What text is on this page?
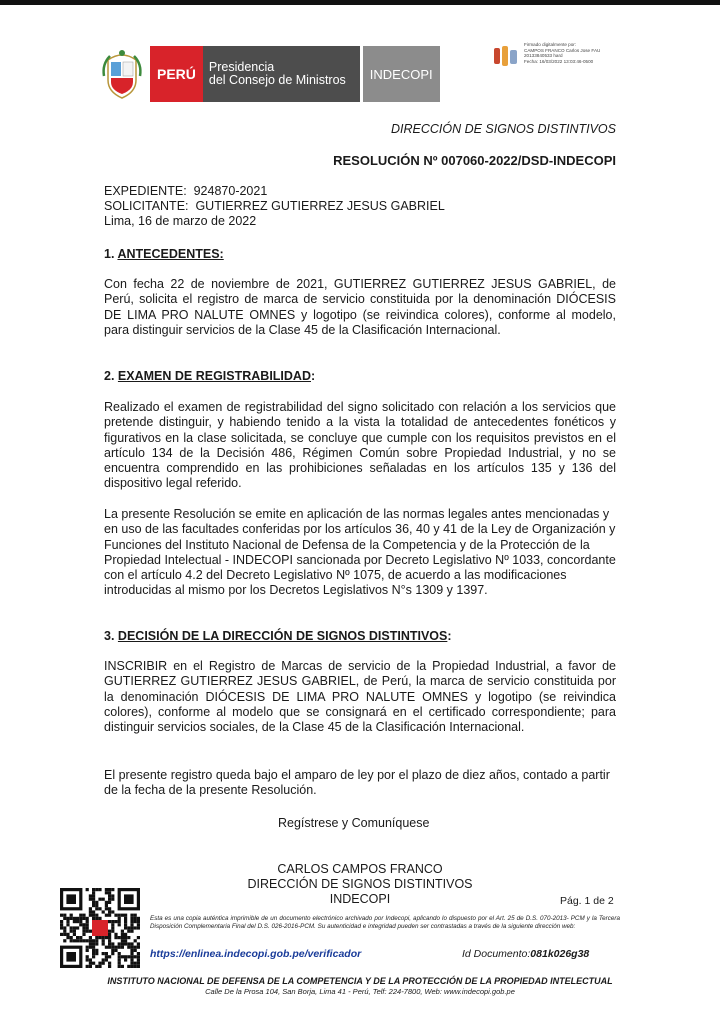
PERÚ	Presidencia
del Consejo de Ministros	INDECOPI
Firmado digitalmente por:
CAMPOS FRANCO Carlos Jose FAU
20133840533 hard
Fecha: 16/03/2022 13:03:46-0500
DIRECCIÓN DE SIGNOS DISTINTIVOS
RESOLUCIÓN Nº 007060-2022/DSD-INDECOPI
EXPEDIENTE:  924870-2021
SOLICITANTE:  GUTIERREZ GUTIERREZ JESUS GABRIEL
Lima, 16 de marzo de 2022
1. ANTECEDENTES:

Con fecha 22 de noviembre de 2021, GUTIERREZ GUTIERREZ JESUS GABRIEL, de Perú, solicita el registro de marca de servicio constituida por la denominación DIÓCESIS DE LIMA PRO NALUTE OMNES y logotipo (se reivindica colores), conforme al modelo, para distinguir servicios de la Clase 45 de la Clasificación Internacional.

2. EXAMEN DE REGISTRABILIDAD:

Realizado el examen de registrabilidad del signo solicitado con relación a los servicios que pretende distinguir, y habiendo tenido a la vista la totalidad de antecedentes fonéticos y figurativos en la clase solicitada, se concluye que cumple con los requisitos previstos en el artículo 134 de la Decisión 486, Régimen Común sobre Propiedad Industrial, y no se encuentra comprendido en las prohibiciones señaladas en los artículos 135 y 136 del dispositivo legal referido.

La presente Resolución se emite en aplicación de las normas legales antes mencionadas y en uso de las facultades conferidas por los artículos 36, 40 y 41 de la Ley de Organización y Funciones del Instituto Nacional de Defensa de la Competencia y de la Protección de la Propiedad Intelectual - INDECOPI sancionada por Decreto Legislativo Nº 1033, concordante con el artículo 4.2 del Decreto Legislativo Nº 1075, de acuerdo a las modificaciones introducidas al mismo por los Decretos Legislativos N°s 1309 y 1397.

3. DECISIÓN DE LA DIRECCIÓN DE SIGNOS DISTINTIVOS:

INSCRIBIR en el Registro de Marcas de servicio de la Propiedad Industrial, a favor de GUTIERREZ GUTIERREZ JESUS GABRIEL, de Perú, la marca de servicio constituida por la denominación DIÓCESIS DE LIMA PRO NALUTE OMNES y logotipo (se reivindica colores), conforme al modelo que se consignará en el certificado correspondiente; para distinguir servicios sociales, de la Clase 45 de la Clasificación Internacional.

El presente registro queda bajo el amparo de ley por el plazo de diez años, contado a partir de la fecha de la presente Resolución.

Regístrese y Comuníquese
CARLOS CAMPOS FRANCO
DIRECCIÓN DE SIGNOS DISTINTIVOS
INDECOPI	Pág. 1 de 2
Esta es una copia auténtica imprimible de un documento electrónico archivado por Indecopi, aplicando lo dispuesto por el Art. 25 de D.S. 070-2013- PCM y la Tercera Disposición Complementaria Final del D.S. 026-2016-PCM. Su autenticidad e integridad pueden ser contrastadas a través de la siguiente dirección web:
https://enlinea.indecopi.gob.pe/verificador	Id Documento:081k026g38
INSTITUTO NACIONAL DE DEFENSA DE LA COMPETENCIA Y DE LA PROTECCIÓN DE LA PROPIEDAD INTELECTUAL
Calle De la Prosa 104, San Borja, Lima 41 - Perú, Telf: 224-7800, Web: www.indecopi.gob.pe
